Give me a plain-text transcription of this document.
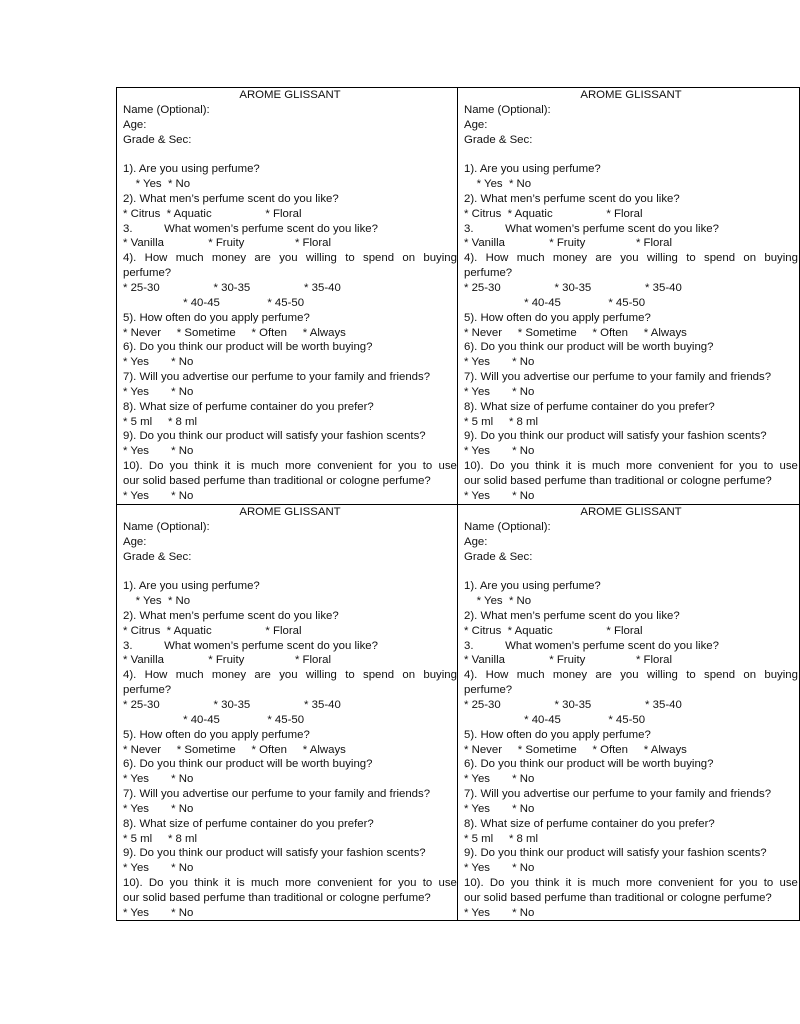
AROME GLISSANT
Name (Optional):
Age:
Grade & Sec:
1). Are you using perfume?
* Yes  * No
2). What men’s perfume scent do you like?
* Citrus  * Aquatic                 * Floral
3.          What women’s perfume scent do you like?
* Vanilla              * Fruity                * Floral
4). How much money are you willing to spend on buying
perfume?
* 25-30                 * 30-35                 * 35-40
* 40-45               * 45-50
5). How often do you apply perfume?
* Never     * Sometime     * Often     * Always
6). Do you think our product will be worth buying?
* Yes       * No
7). Will you advertise our perfume to your family and friends?
* Yes       * No
8). What size of perfume container do you prefer?
* 5 ml     * 8 ml
9). Do you think our product will satisfy your fashion scents?
* Yes       * No
10). Do you think it is much more convenient for you to use
our solid based perfume than traditional or cologne perfume?
* Yes       * No
AROME GLISSANT
Name (Optional):
Age:
Grade & Sec:
1). Are you using perfume?
* Yes  * No
2). What men’s perfume scent do you like?
* Citrus  * Aquatic                 * Floral
3.          What women’s perfume scent do you like?
* Vanilla              * Fruity                * Floral
4). How much money are you willing to spend on buying
perfume?
* 25-30                 * 30-35                 * 35-40
* 40-45               * 45-50
5). How often do you apply perfume?
* Never     * Sometime     * Often     * Always
6). Do you think our product will be worth buying?
* Yes       * No
7). Will you advertise our perfume to your family and friends?
* Yes       * No
8). What size of perfume container do you prefer?
* 5 ml     * 8 ml
9). Do you think our product will satisfy your fashion scents?
* Yes       * No
10). Do you think it is much more convenient for you to use
our solid based perfume than traditional or cologne perfume?
* Yes       * No
AROME GLISSANT
Name (Optional):
Age:
Grade & Sec:
1). Are you using perfume?
* Yes  * No
2). What men’s perfume scent do you like?
* Citrus  * Aquatic                 * Floral
3.          What women’s perfume scent do you like?
* Vanilla              * Fruity                * Floral
4). How much money are you willing to spend on buying
perfume?
* 25-30                 * 30-35                 * 35-40
* 40-45               * 45-50
5). How often do you apply perfume?
* Never     * Sometime     * Often     * Always
6). Do you think our product will be worth buying?
* Yes       * No
7). Will you advertise our perfume to your family and friends?
* Yes       * No
8). What size of perfume container do you prefer?
* 5 ml     * 8 ml
9). Do you think our product will satisfy your fashion scents?
* Yes       * No
10). Do you think it is much more convenient for you to use
our solid based perfume than traditional or cologne perfume?
* Yes       * No
AROME GLISSANT
Name (Optional):
Age:
Grade & Sec:
1). Are you using perfume?
* Yes  * No
2). What men’s perfume scent do you like?
* Citrus  * Aquatic                 * Floral
3.          What women’s perfume scent do you like?
* Vanilla              * Fruity                * Floral
4). How much money are you willing to spend on buying
perfume?
* 25-30                 * 30-35                 * 35-40
* 40-45               * 45-50
5). How often do you apply perfume?
* Never     * Sometime     * Often     * Always
6). Do you think our product will be worth buying?
* Yes       * No
7). Will you advertise our perfume to your family and friends?
* Yes       * No
8). What size of perfume container do you prefer?
* 5 ml     * 8 ml
9). Do you think our product will satisfy your fashion scents?
* Yes       * No
10). Do you think it is much more convenient for you to use
our solid based perfume than traditional or cologne perfume?
* Yes       * No
